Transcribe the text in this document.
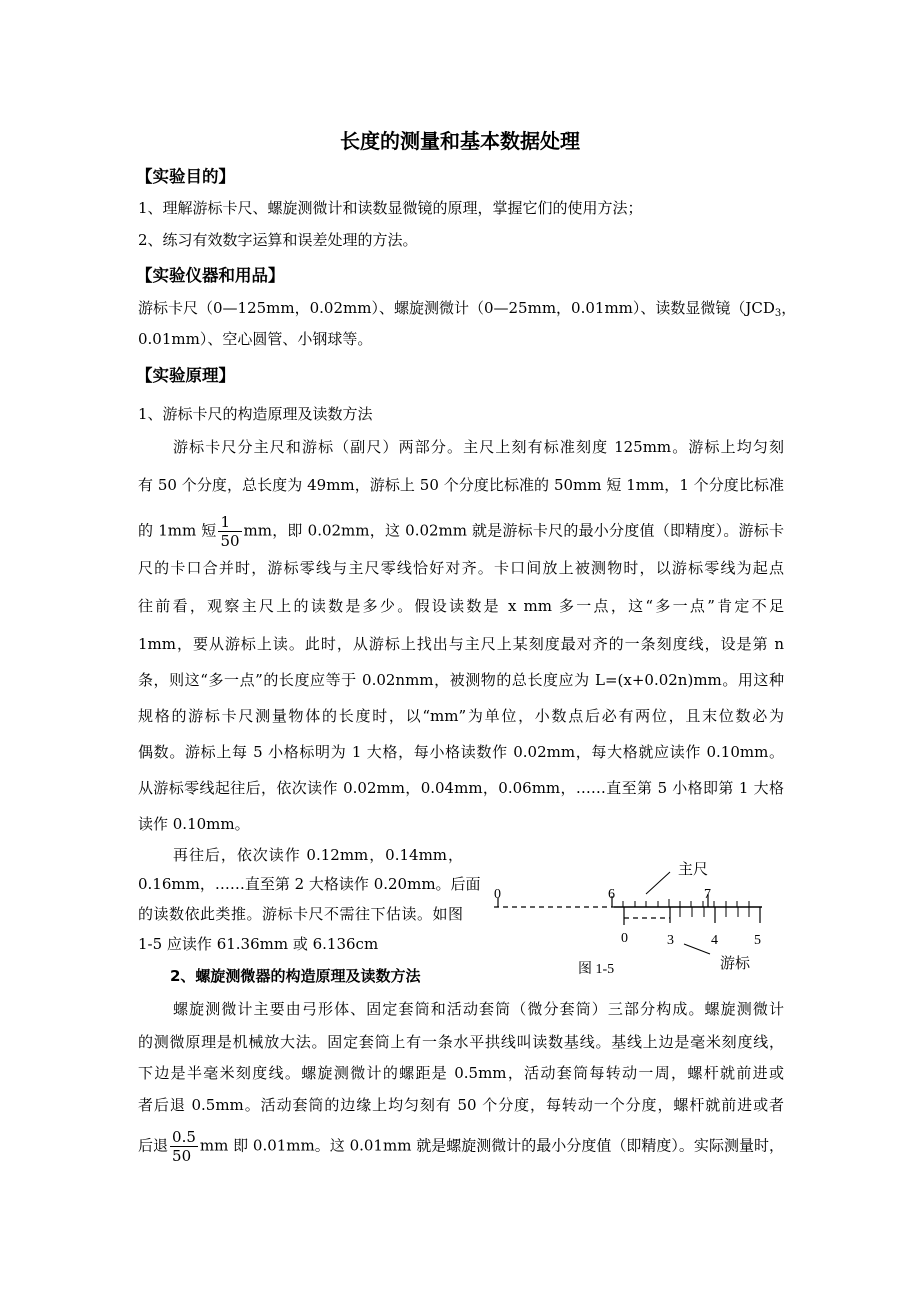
长度的测量和基本数据处理
【实验目的】
1、理解游标卡尺、螺旋测微计和读数显微镜的原理，掌握它们的使用方法；
2、练习有效数字运算和误差处理的方法。
【实验仪器和用品】
游标卡尺（0—125mm，0.02mm）、螺旋测微计（0—25mm，0.01mm）、读数显微镜（$JCD_3$，
0.01mm）、空心圆管、小钢球等。
【实验原理】
1、游标卡尺的构造原理及读数方法
游标卡尺分主尺和游标（副尺）两部分。主尺上刻有标准刻度 125mm。游标上均匀刻
有 50 个分度，总长度为 49mm，游标上 50 个分度比标准的 50mm 短 1mm，1 个分度比标准
的 1mm 短 $\frac{1}{50}$ mm，即 0.02mm，这 0.02mm 就是游标卡尺的最小分度值（即精度）。游标卡
尺的卡口合并时，游标零线与主尺零线恰好对齐。卡口间放上被测物时，以游标零线为起点
往前看，观察主尺上的读数是多少。假设读数是 x mm 多一点，这“多一点”肯定不足
1mm，要从游标上读。此时，从游标上找出与主尺上某刻度最对齐的一条刻度线，设是第 n
条，则这“多一点”的长度应等于 0.02nmm，被测物的总长度应为 L=(x+0.02n)mm。用这种
规格的游标卡尺测量物体的长度时，以“mm”为单位，小数点后必有两位，且末位数必为
偶数。游标上每 5 小格标明为 1 大格，每小格读数作 0.02mm，每大格就应读作 0.10mm。
从游标零线起往后，依次读作 0.02mm，0.04mm，0.06mm，……直至第 5 小格即第 1 大格
读作 0.10mm。
再往后，依次读作 0.12mm，0.14mm，
0.16mm，……直至第 2 大格读作 0.20mm。后面
的读数依此类推。游标卡尺不需往下估读。如图
1-5 应读作 61.36mm 或 6.136cm
2、螺旋测微器的构造原理及读数方法
螺旋测微计主要由弓形体、固定套筒和活动套筒（微分套筒）三部分构成。螺旋测微计
的测微原理是机械放大法。固定套筒上有一条水平拱线叫读数基线。基线上边是毫米刻度线，
下边是半毫米刻度线。螺旋测微计的螺距是 0.5mm，活动套筒每转动一周，螺杆就前进或
者后退 0.5mm。活动套筒的边缘上均匀刻有 50 个分度，每转动一个分度，螺杆就前进或者
后退 $\frac{0.5}{50}$ mm 即 0.01mm。这 0.01mm 就是螺旋测微计的最小分度值（即精度）。实际测量时，
主尺
0	6	7
0	3	4	5
游标
图 1-5
